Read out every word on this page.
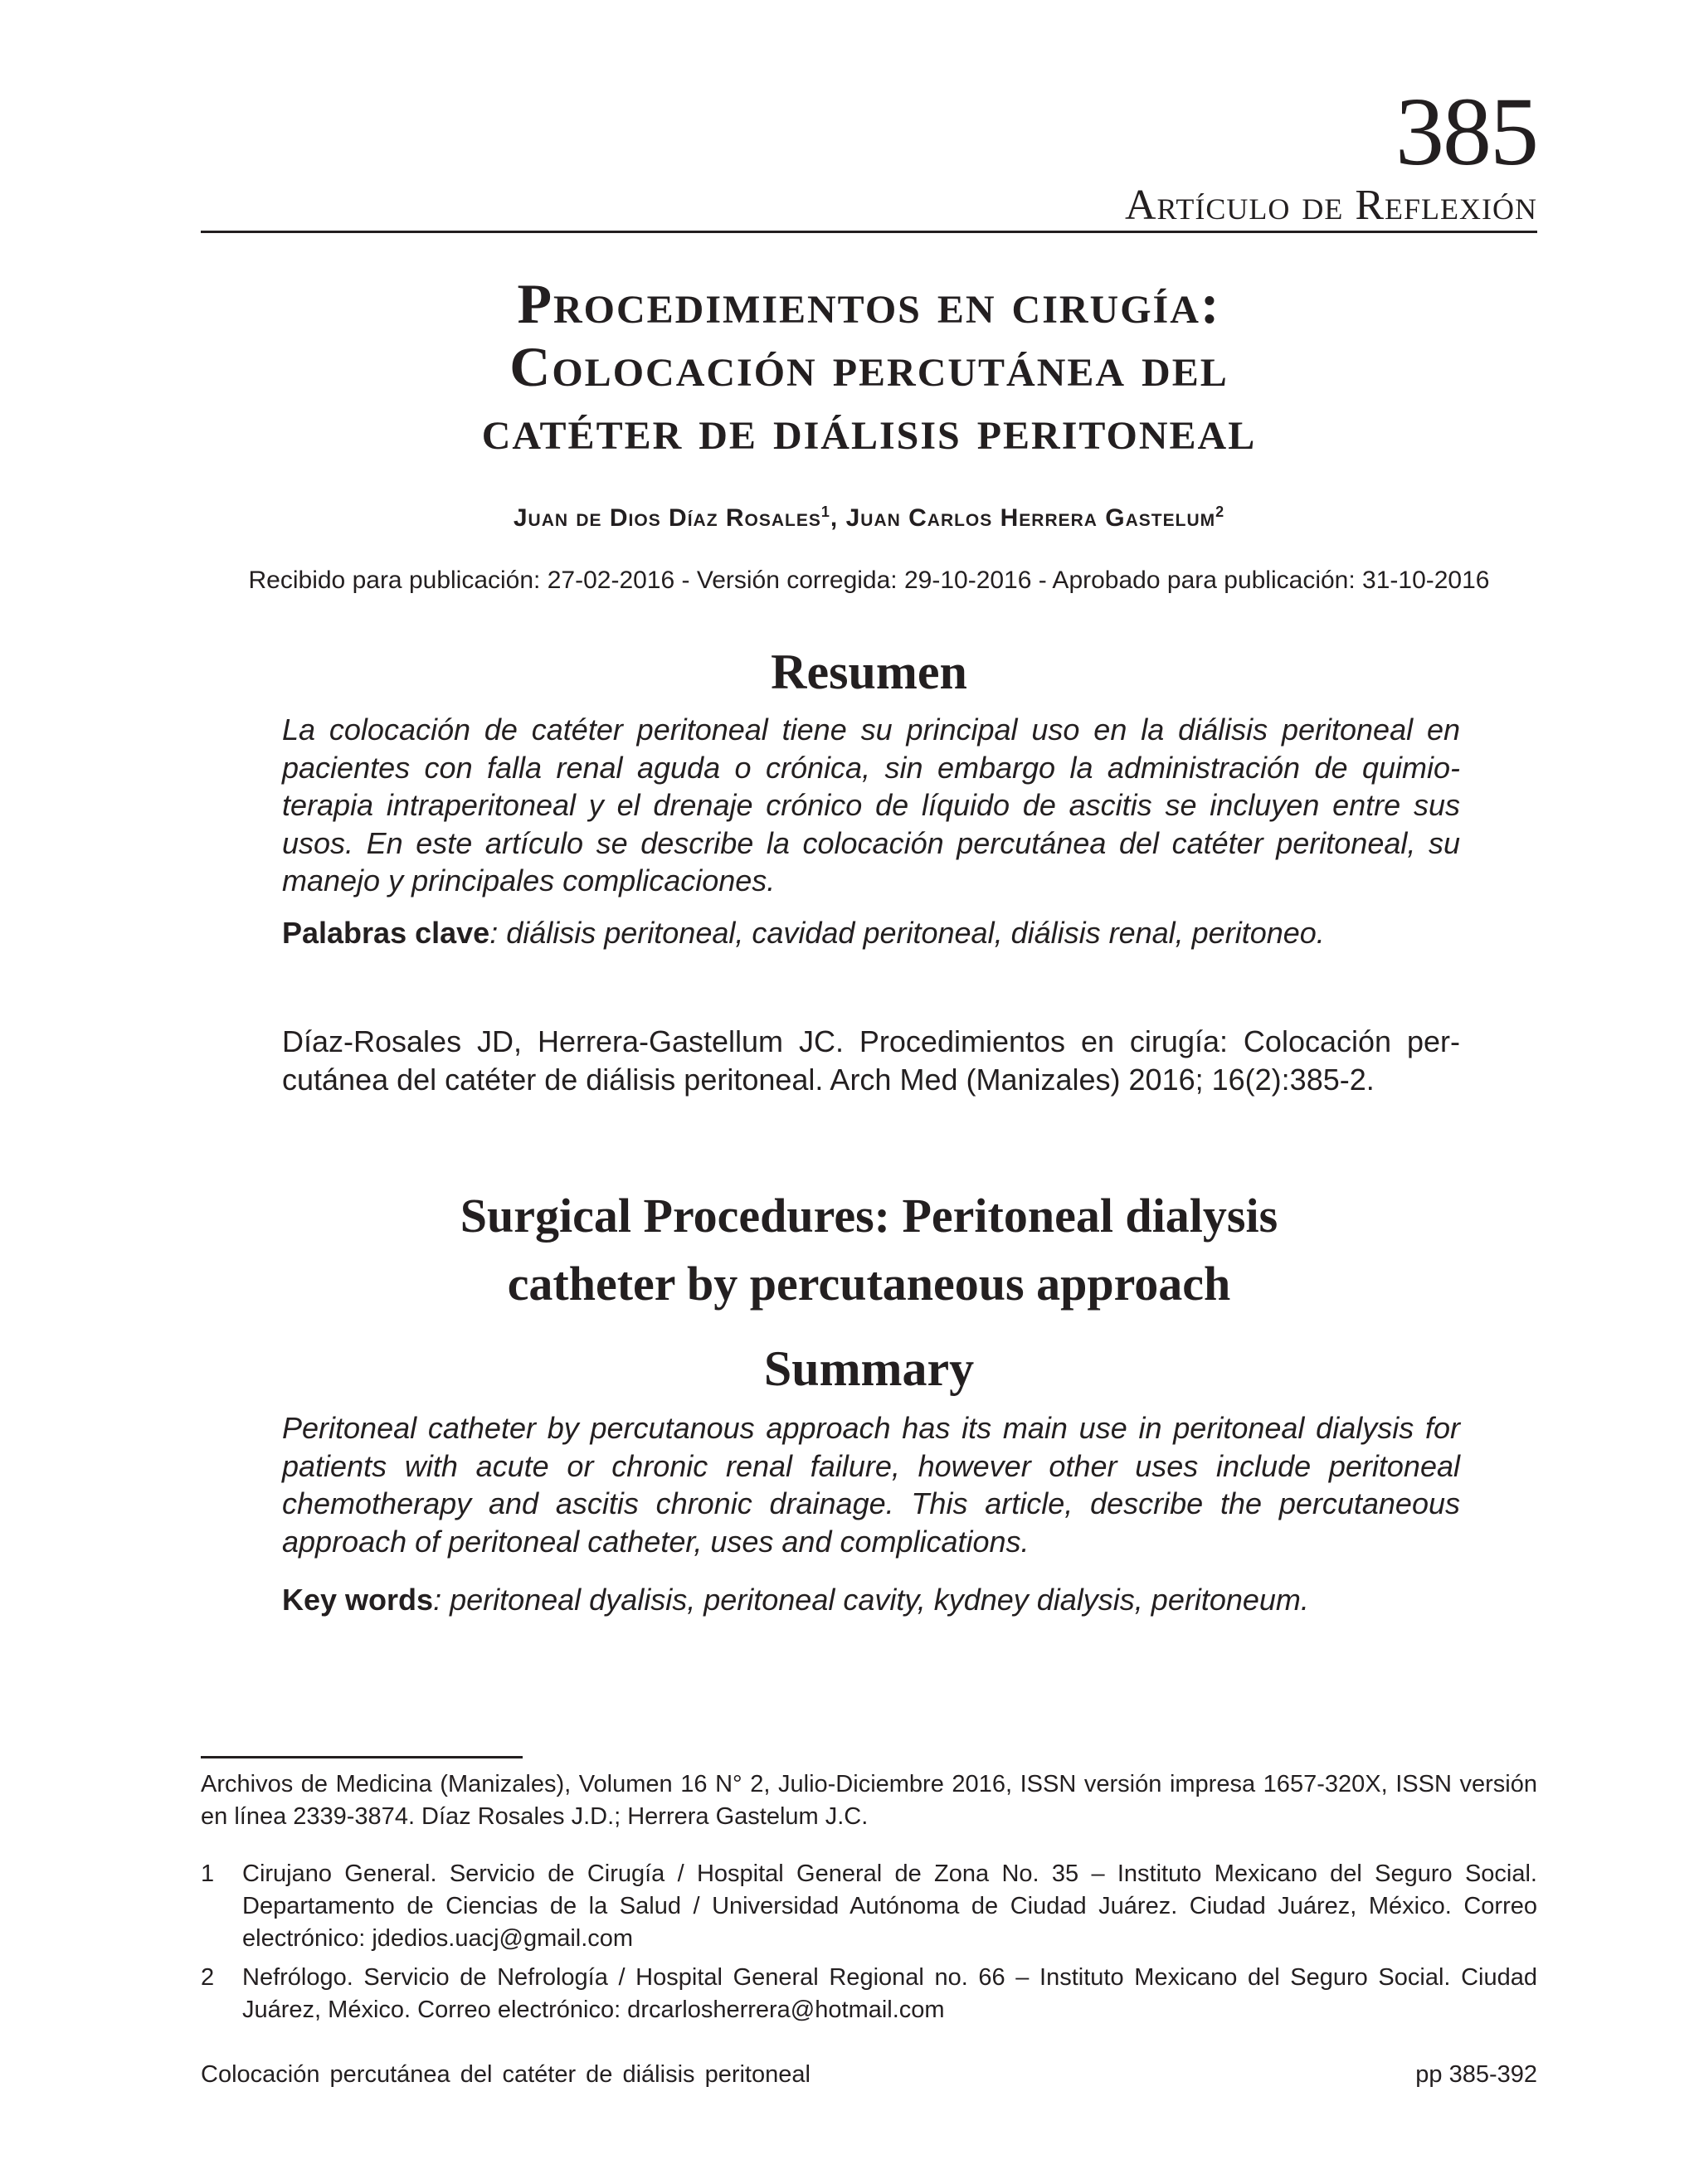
385
Artículo de Reflexión
Procedimientos en cirugía:
Colocación percutánea del
catéter de diálisis peritoneal
Juan de Dios Díaz Rosales$^1$, Juan Carlos Herrera Gastelum$^2$
Recibido para publicación: 27-02-2016 - Versión corregida: 29-10-2016 - Aprobado para publicación: 31-10-2016
Resumen
La colocación de catéter peritoneal tiene su principal uso en la diálisis peritoneal en pacientes con falla renal aguda o crónica, sin embargo la administración de quimio-terapia intraperitoneal y el drenaje crónico de líquido de ascitis se incluyen entre sus usos. En este artículo se describe la colocación percutánea del catéter peritoneal, su manejo y principales complicaciones.
Palabras clave: diálisis peritoneal, cavidad peritoneal, diálisis renal, peritoneo.
Díaz-Rosales JD, Herrera-Gastellum JC. Procedimientos en cirugía: Colocación per-cutánea del catéter de diálisis peritoneal. Arch Med (Manizales) 2016; 16(2):385-2.
Surgical Procedures: Peritoneal dialysis
catheter by percutaneous approach
Summary
Peritoneal catheter by percutanous approach has its main use in peritoneal dialysis for patients with acute or chronic renal failure, however other uses include peritoneal chemotherapy and ascitis chronic drainage. This article, describe the percutaneous approach of peritoneal catheter, uses and complications.
Key words: peritoneal dyalisis, peritoneal cavity, kydney dialysis, peritoneum.
Archivos de Medicina (Manizales), Volumen 16 N° 2, Julio-Diciembre 2016, ISSN versión impresa 1657-320X, ISSN versión en línea 2339-3874. Díaz Rosales J.D.; Herrera Gastelum J.C.
1 Cirujano General. Servicio de Cirugía / Hospital General de Zona No. 35 – Instituto Mexicano del Seguro Social. Departamento de Ciencias de la Salud / Universidad Autónoma de Ciudad Juárez. Ciudad Juárez, México. Correo electrónico: jdedios.uacj@gmail.com
2 Nefrólogo. Servicio de Nefrología / Hospital General Regional no. 66 – Instituto Mexicano del Seguro Social. Ciudad Juárez, México. Correo electrónico: drcarlosherrera@hotmail.com
Colocación percutánea del catéter de diálisis peritoneal	pp 385-392
